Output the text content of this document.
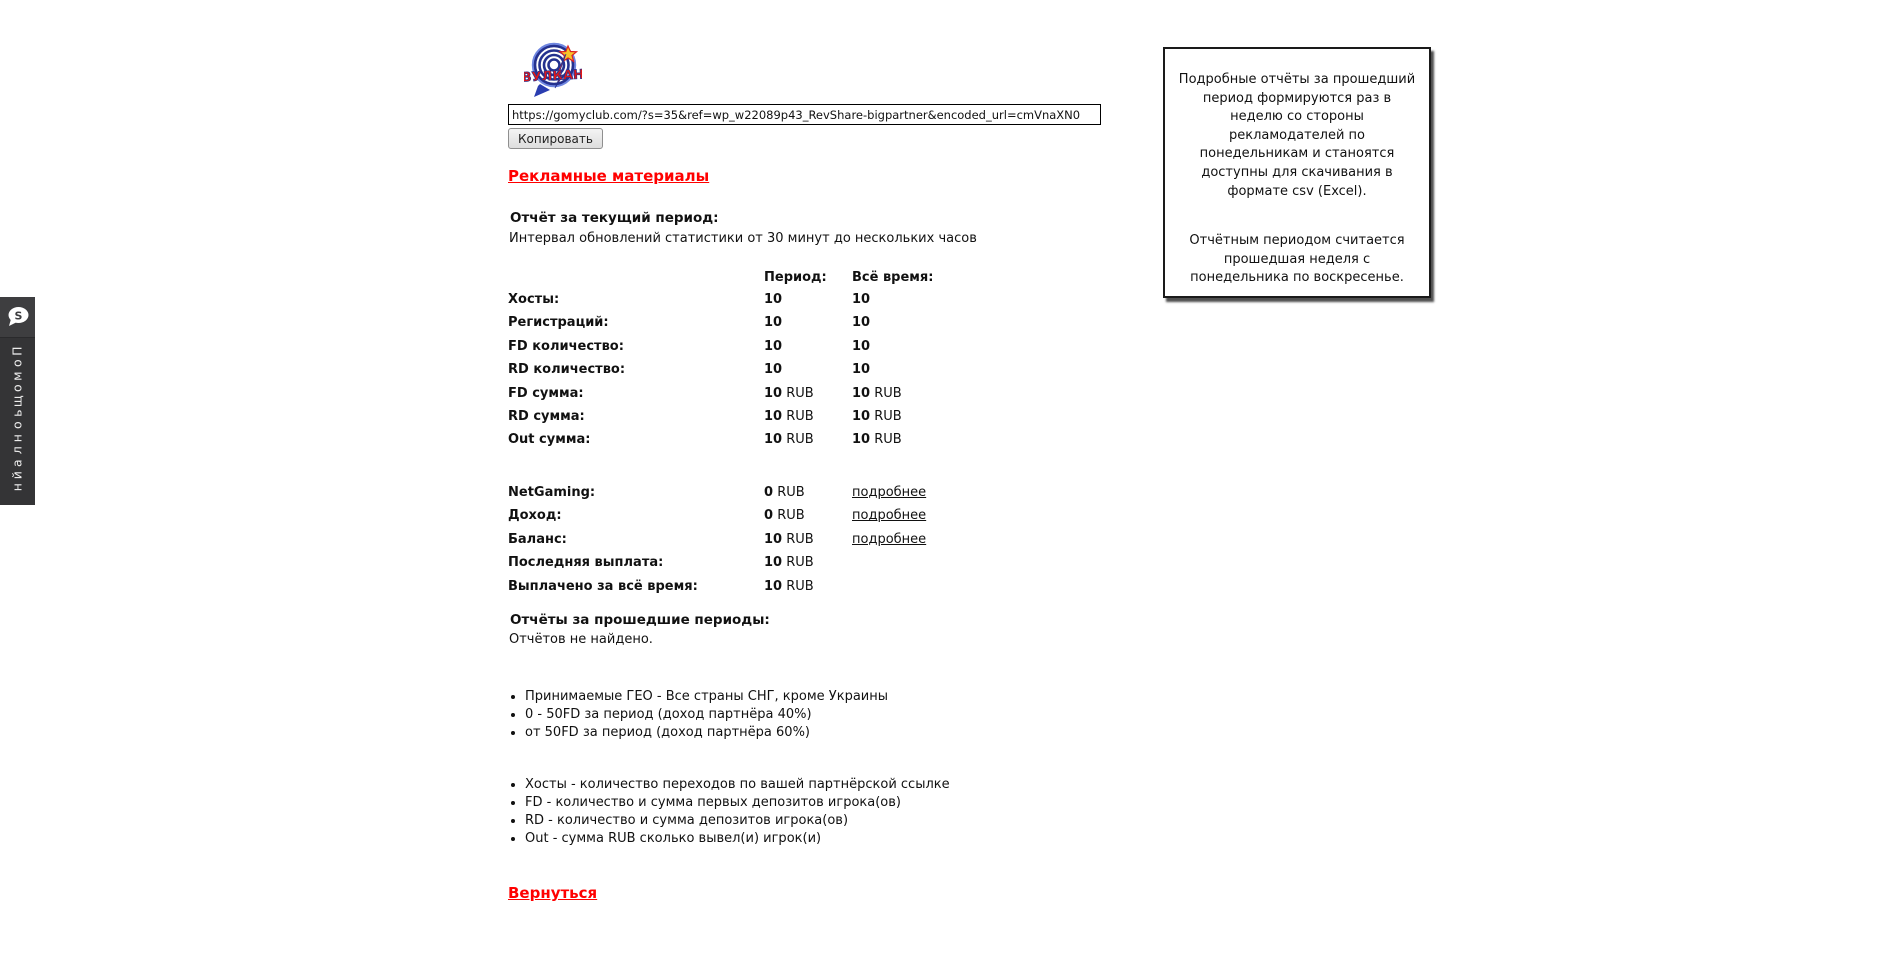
ВУЛКАН
https://gomyclub.com/?s=35&ref=wp_w22089p43_RevShare-bigpartner&encoded_url=cmVnaXN0
Копировать
Рекламные материалы
Отчёт за текущий период:
Интервал обновлений статистики от 30 минут до нескольких часов
Период:	Всё время:
Хосты:	10	10
Регистраций:	10	10
FD количество:	10	10
RD количество:	10	10
FD сумма:	10 RUB	10 RUB
RD сумма:	10 RUB	10 RUB
Out сумма:	10 RUB	10 RUB
NetGaming:	0 RUB	подробнее
Доход:	0 RUB	подробнее
Баланс:	10 RUB	подробнее
Последняя выплата:	10 RUB
Выплачено за всё время:	10 RUB
Отчёты за прошедшие периоды:
Отчётов не найдено.
• Принимаемые ГЕО - Все страны СНГ, кроме Украины
• 0 - 50FD за период (доход партнёра 40%)
• от 50FD за период (доход партнёра 60%)
• Хосты - количество переходов по вашей партнёрской ссылке
• FD - количество и сумма первых депозитов игрока(ов)
• RD - количество и сумма депозитов игрока(ов)
• Out - сумма RUB сколько вывел(и) игрок(и)
Вернуться

Подробные отчёты за прошедший период формируются раз в неделю со стороны рекламодателей по понедельникам и станоятся доступны для скачивания в формате csv (Excel).

Отчётным периодом считается прошедшая неделя с понедельника по воскресенье.

S
П
о
м
о
щ
ь
о
н
л
а
й
н
